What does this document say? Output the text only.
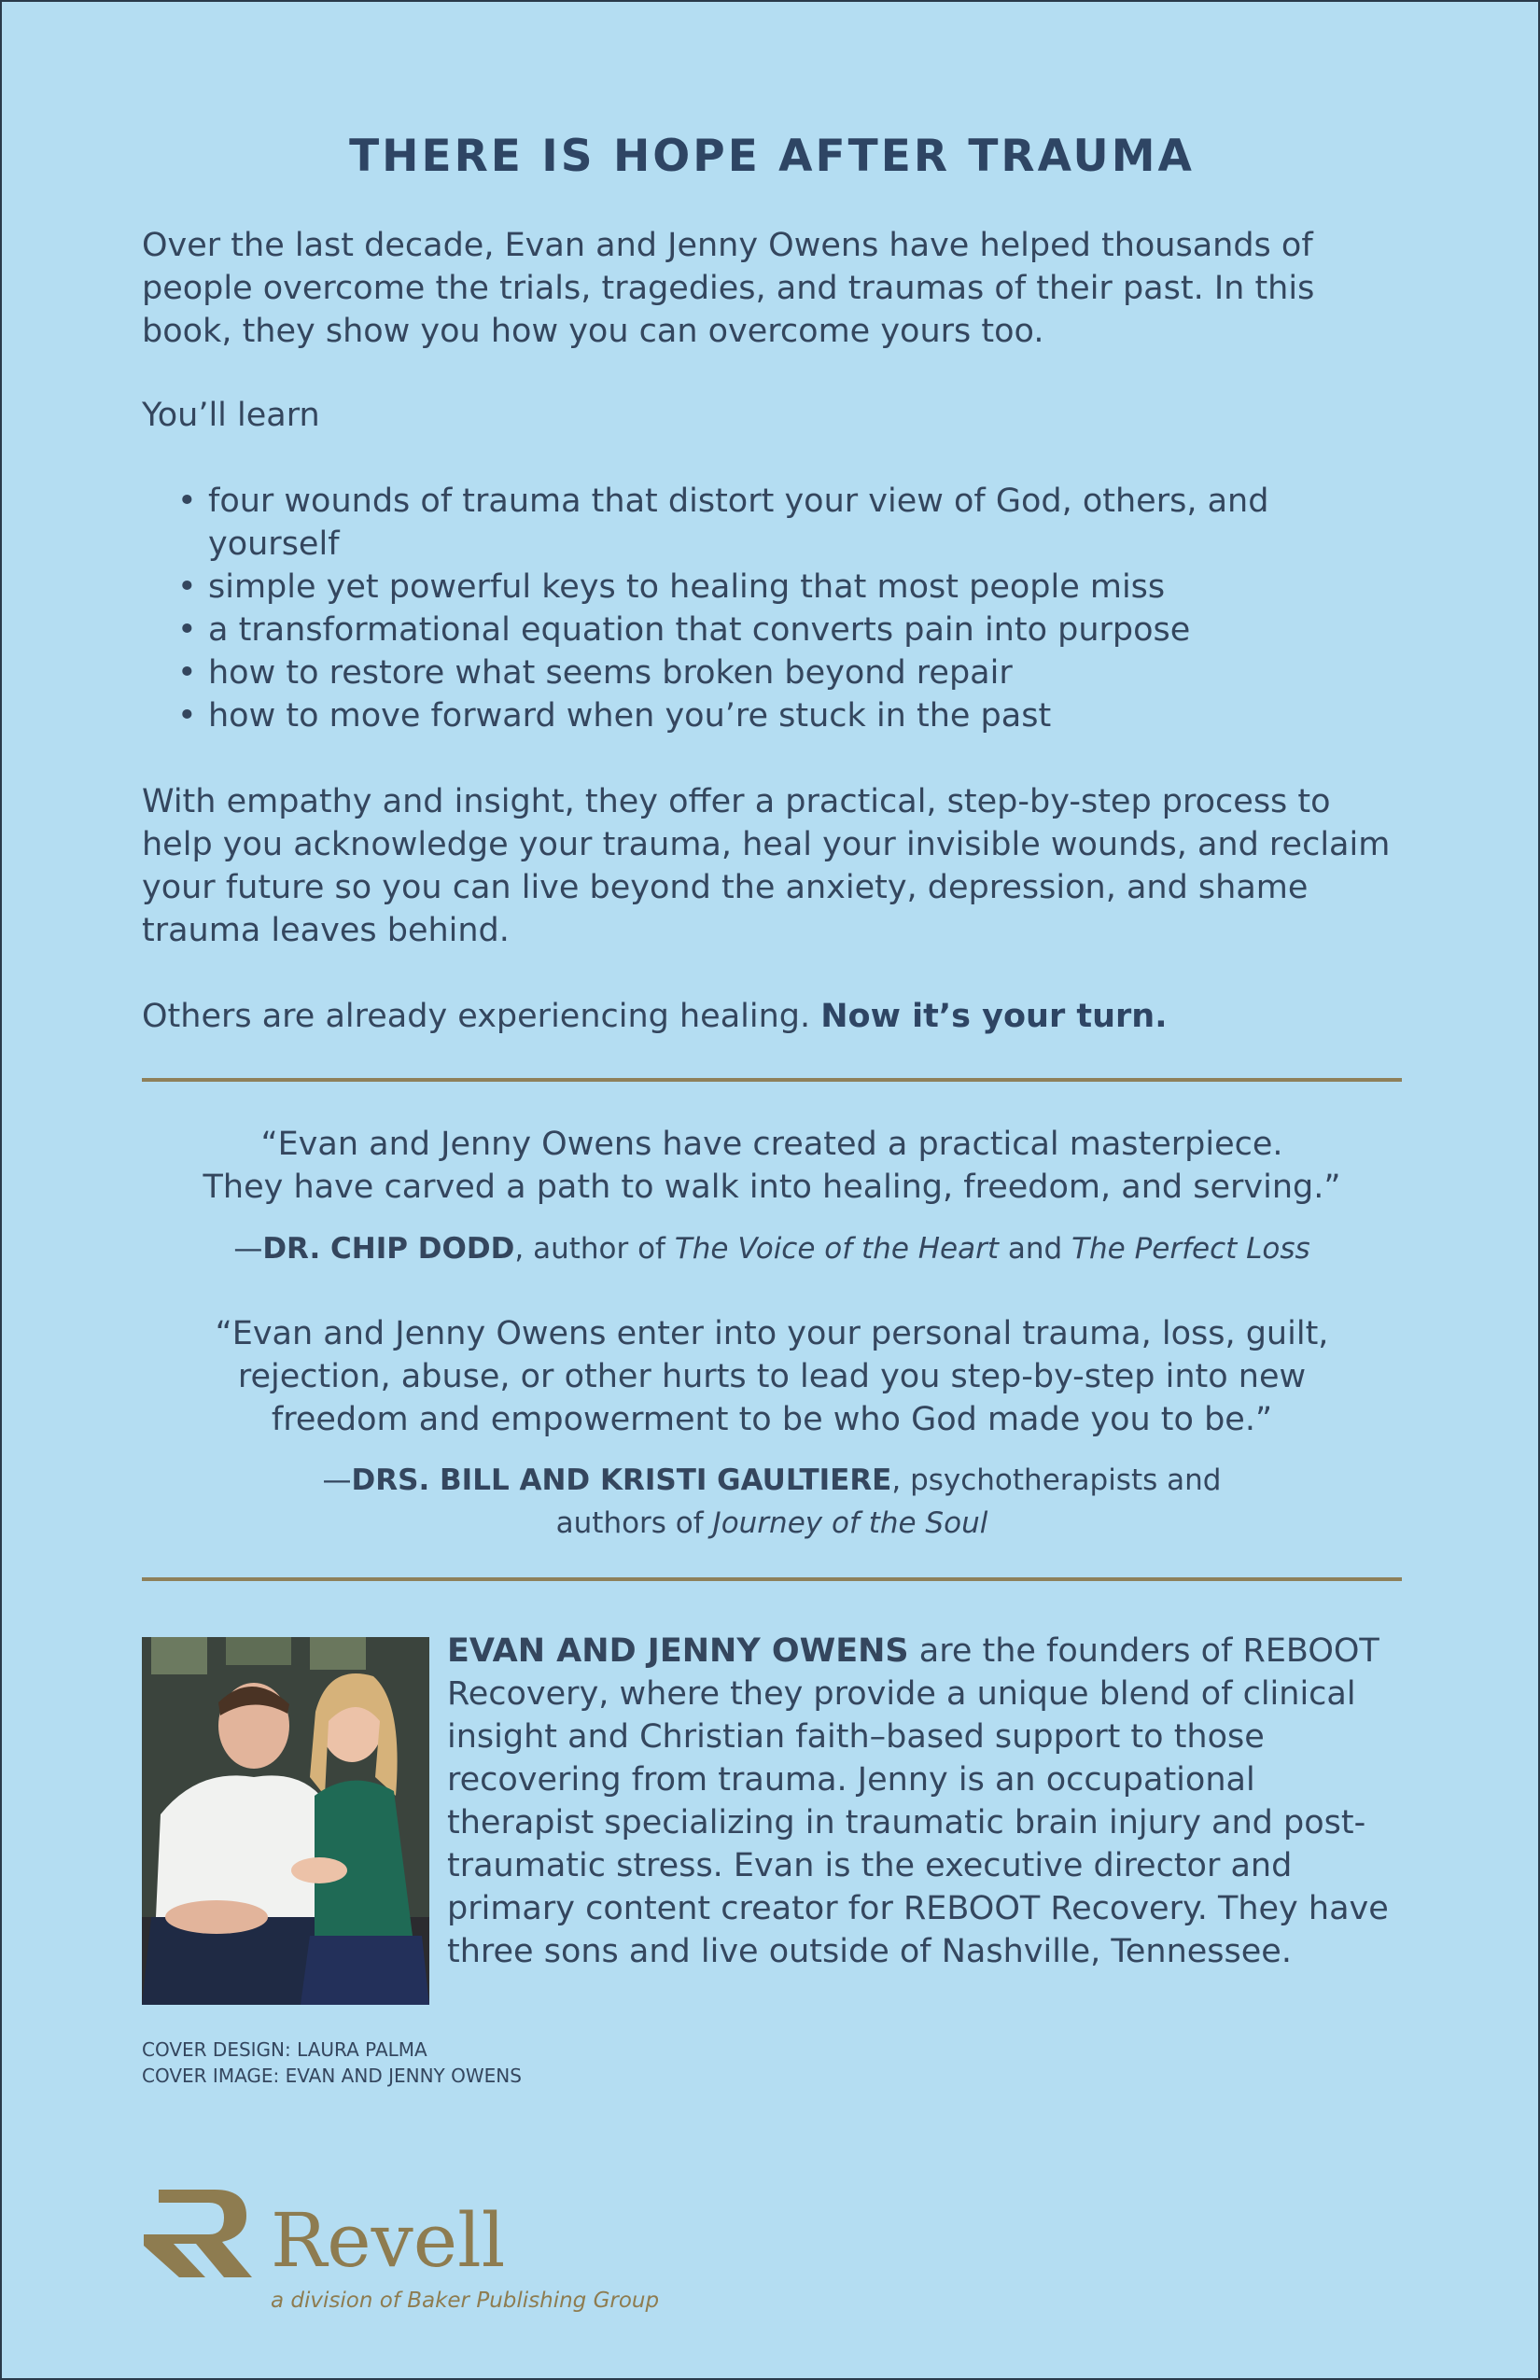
THERE IS HOPE AFTER TRAUMA

Over the last decade, Evan and Jenny Owens have helped thousands of people overcome the trials, tragedies, and traumas of their past. In this book, they show you how you can overcome yours too.

You’ll learn

• four wounds of trauma that distort your view of God, others, and yourself
• simple yet powerful keys to healing that most people miss
• a transformational equation that converts pain into purpose
• how to restore what seems broken beyond repair
• how to move forward when you’re stuck in the past

With empathy and insight, they offer a practical, step-by-step process to help you acknowledge your trauma, heal your invisible wounds, and reclaim your future so you can live beyond the anxiety, depression, and shame trauma leaves behind.

Others are already experiencing healing. Now it’s your turn.

“Evan and Jenny Owens have created a practical masterpiece.
They have carved a path to walk into healing, freedom, and serving.”

—DR. CHIP DODD, author of The Voice of the Heart and The Perfect Loss

“Evan and Jenny Owens enter into your personal trauma, loss, guilt,
rejection, abuse, or other hurts to lead you step-by-step into new
freedom and empowerment to be who God made you to be.”

—DRS. BILL AND KRISTI GAULTIERE, psychotherapists and
authors of Journey of the Soul

EVAN AND JENNY OWENS are the founders of REBOOT Recovery, where they provide a unique blend of clinical insight and Christian faith–based support to those recovering from trauma. Jenny is an occupational therapist specializing in traumatic brain injury and post-traumatic stress. Evan is the executive director and primary content creator for REBOOT Recovery. They have three sons and live outside of Nashville, Tennessee.

COVER DESIGN: LAURA PALMA
COVER IMAGE: EVAN AND JENNY OWENS
Revell
a division of Baker Publishing Group
